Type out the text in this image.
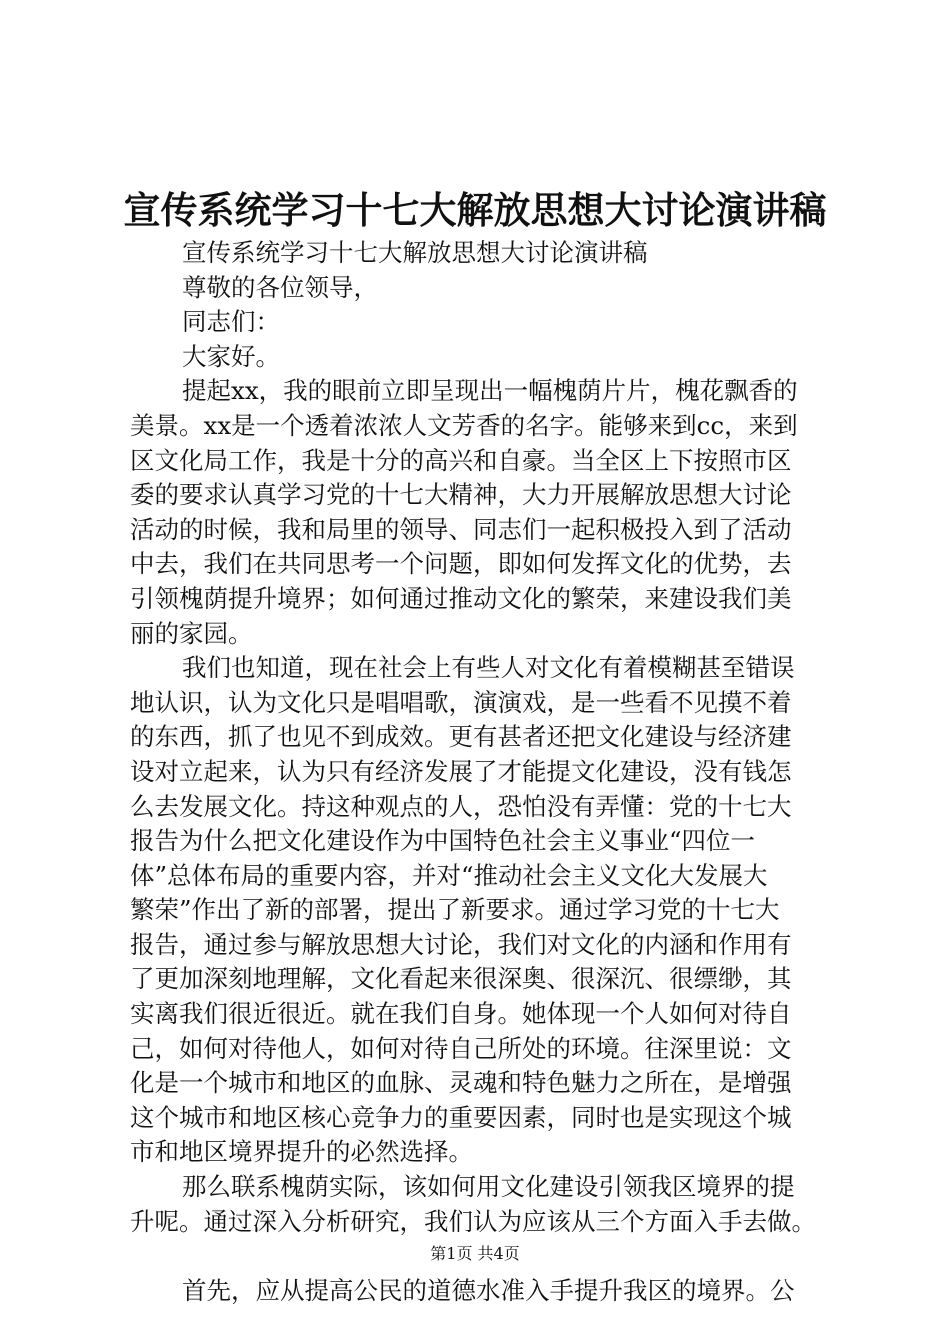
宣传系统学习十七大解放思想大讨论演讲稿
宣传系统学习十七大解放思想大讨论演讲稿
尊敬的各位领导，
同志们：
大家好。
提起xx，我的眼前立即呈现出一幅槐荫片片，槐花飘香的
美景。xx是一个透着浓浓人文芳香的名字。能够来到cc，来到
区文化局工作，我是十分的高兴和自豪。当全区上下按照市区
委的要求认真学习党的十七大精神，大力开展解放思想大讨论
活动的时候，我和局里的领导、同志们一起积极投入到了活动
中去，我们在共同思考一个问题，即如何发挥文化的优势，去
引领槐荫提升境界；如何通过推动文化的繁荣，来建设我们美
丽的家园。
我们也知道，现在社会上有些人对文化有着模糊甚至错误
地认识，认为文化只是唱唱歌，演演戏，是一些看不见摸不着
的东西，抓了也见不到成效。更有甚者还把文化建设与经济建
设对立起来，认为只有经济发展了才能提文化建设，没有钱怎
么去发展文化。持这种观点的人，恐怕没有弄懂：党的十七大
报告为什么把文化建设作为中国特色社会主义事业“四位一
体”总体布局的重要内容，并对“推动社会主义文化大发展大
繁荣”作出了新的部署，提出了新要求。通过学习党的十七大
报告，通过参与解放思想大讨论，我们对文化的内涵和作用有
了更加深刻地理解，文化看起来很深奥、很深沉、很缥缈，其
实离我们很近很近。就在我们自身。她体现一个人如何对待自
己，如何对待他人，如何对待自己所处的环境。往深里说：文
化是一个城市和地区的血脉、灵魂和特色魅力之所在，是增强
这个城市和地区核心竞争力的重要因素，同时也是实现这个城
市和地区境界提升的必然选择。
那么联系槐荫实际，该如何用文化建设引领我区境界的提
升呢。通过深入分析研究，我们认为应该从三个方面入手去做。
首先，应从提高公民的道德水准入手提升我区的境界。公
第1页 共4页
